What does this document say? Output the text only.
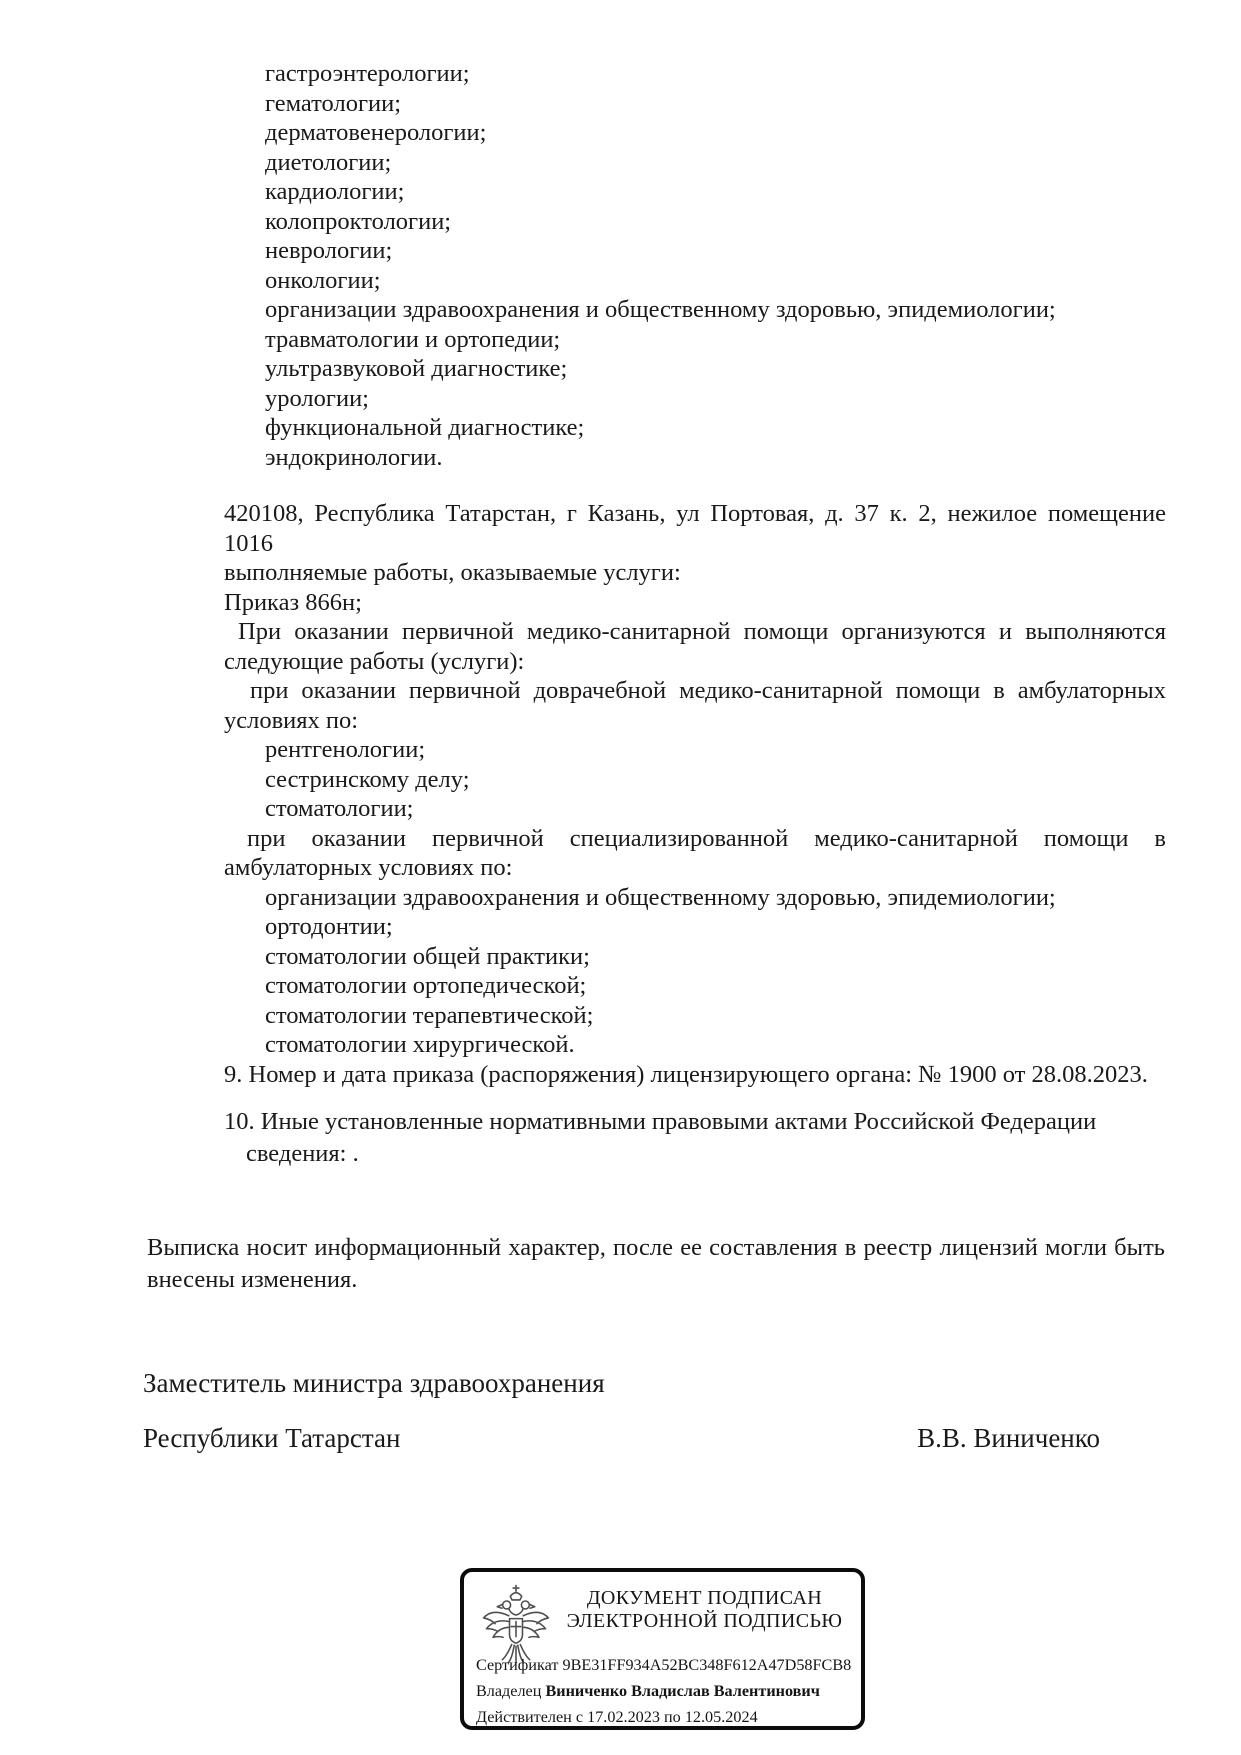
гастроэнтерологии;
гематологии;
дерматовенерологии;
диетологии;
кардиологии;
колопроктологии;
неврологии;
онкологии;
организации здравоохранения и общественному здоровью, эпидемиологии;
травматологии и ортопедии;
ультразвуковой диагностике;
урологии;
функциональной диагностике;
эндокринологии.
420108, Республика Татарстан, г Казань, ул Портовая, д. 37 к. 2, нежилое помещение
1016

выполняемые работы, оказываемые услуги:

Приказ 866н;

При оказании первичной медико-санитарной помощи организуются и выполняются
следующие работы (услуги):
при оказании первичной доврачебной медико-санитарной помощи в амбулаторных
условиях по:
рентгенологии;
сестринскому делу;
стоматологии;
при оказании первичной специализированной медико-санитарной помощи в
амбулаторных условиях по:
организации здравоохранения и общественному здоровью, эпидемиологии;
ортодонтии;
стоматологии общей практики;
стоматологии ортопедической;
стоматологии терапевтической;
стоматологии хирургической.

9. Номер и дата приказа (распоряжения) лицензирующего органа: № 1900 от 28.08.2023.

10. Иные установленные нормативными правовыми актами Российской Федерации
сведения: .
Выписка носит информационный характер, после ее составления в реестр лицензий могли быть
внесены изменения.
Заместитель министра здравоохранения
Республики Татарстан	В.В. Виниченко
ДОКУМЕНТ ПОДПИСАН
ЭЛЕКТРОННОЙ ПОДПИСЬЮ
Сертификат 9BE31FF934A52BC348F612A47D58FCB8
Владелец Виниченко Владислав Валентинович
Действителен с 17.02.2023 по 12.05.2024
